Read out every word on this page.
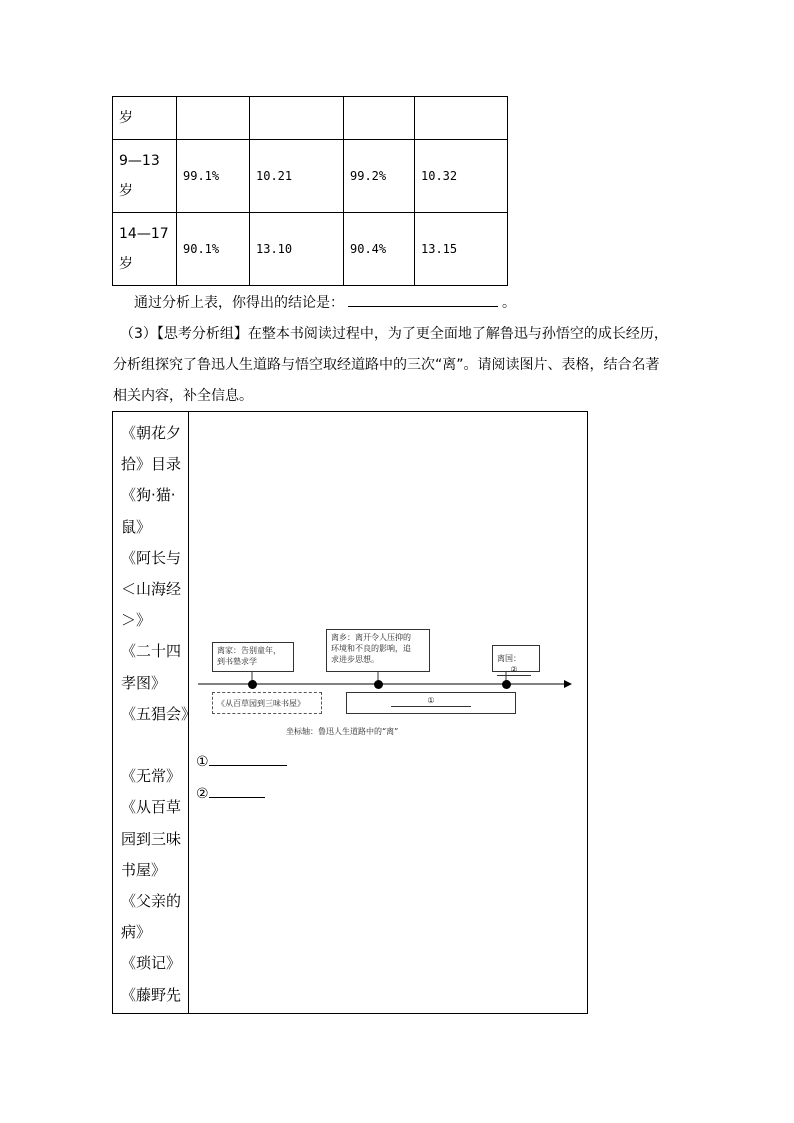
岁				
9—13
岁	99.1%	10.21	99.2%	10.32
14—17
岁	90.1%	13.10	90.4%	13.15
通过分析上表，你得出的结论是：	。
（3）【思考分析组】在整本书阅读过程中，为了更全面地了解鲁迅与孙悟空的成长经历，
分析组探究了鲁迅人生道路与悟空取经道路中的三次“离”。请阅读图片、表格，结合名著
相关内容，补全信息。
《朝花夕
拾》目录
《狗·猫·
鼠》
《阿长与
＜山海经
＞》
《二十四
孝图》
《五猖会》

《无常》
《从百草
园到三味
书屋》
《父亲的
病》
《琐记》
《藤野先
离家：告别童年，
到书塾求学
离乡：离开令人压抑的
环境和不良的影响，追
求进步思想。	离国：②
《从百草园到三味书屋》	①
坐标轴：鲁迅人生道路中的“离”
①
②
